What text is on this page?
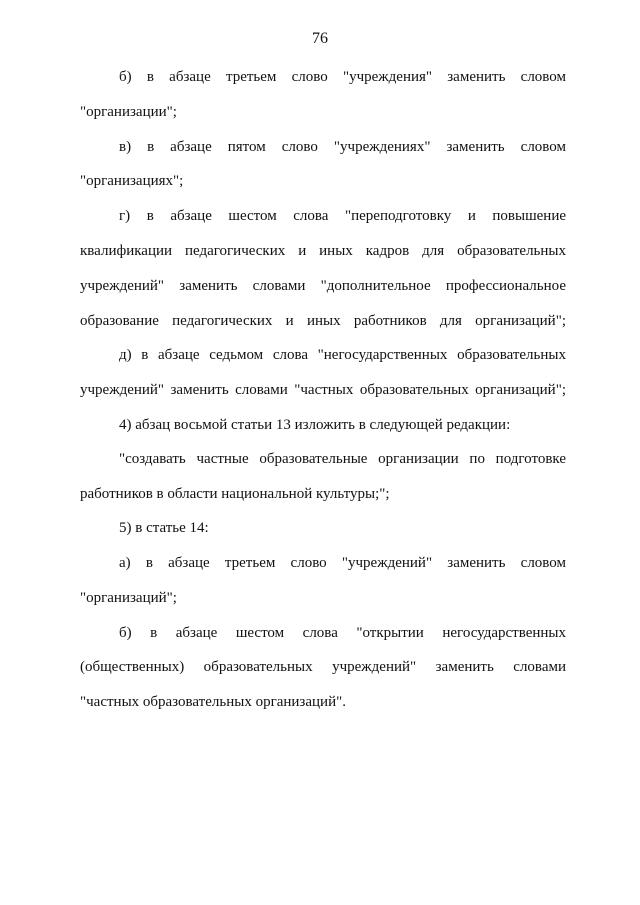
76
б) в абзаце третьем слово "учреждения" заменить словом
"организации";
в) в абзаце пятом слово "учреждениях" заменить словом
"организациях";
г) в абзаце шестом слова "переподготовку и повышение
квалификации педагогических и иных кадров для образовательных
учреждений" заменить словами "дополнительное профессиональное
образование педагогических и иных работников для организаций";
д) в абзаце седьмом слова "негосударственных образовательных
учреждений" заменить словами "частных образовательных организаций";
4) абзац восьмой статьи 13 изложить в следующей редакции:
"создавать частные образовательные организации по подготовке
работников в области национальной культуры;";
5) в статье 14:
а) в абзаце третьем слово "учреждений" заменить словом
"организаций";
б) в абзаце шестом слова "открытии негосударственных
(общественных) образовательных учреждений" заменить словами
"частных образовательных организаций".
